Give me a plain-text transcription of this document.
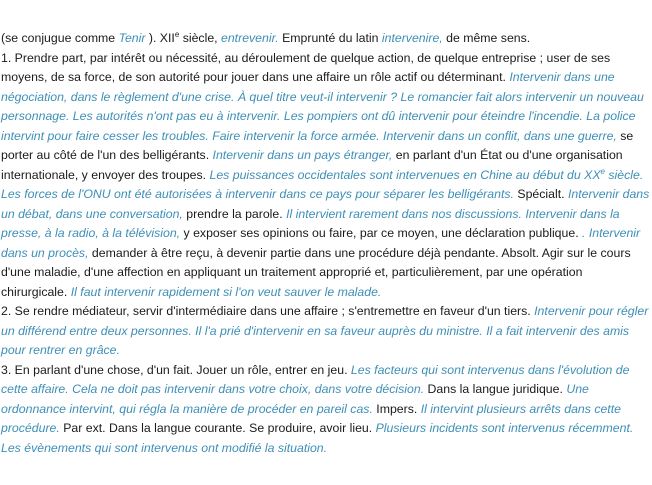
(se conjugue comme Tenir ). XIIe siècle, entrevenir. Emprunté du latin intervenire, de même sens.

1. Prendre part, par intérêt ou nécessité, au déroulement de quelque action, de quelque entreprise ; user de ses moyens, de sa force, de son autorité pour jouer dans une affaire un rôle actif ou déterminant. Intervenir dans une négociation, dans le règlement d'une crise. À quel titre veut-il intervenir ? Le romancier fait alors intervenir un nouveau personnage. Les autorités n'ont pas eu à intervenir. Les pompiers ont dû intervenir pour éteindre l'incendie. La police intervint pour faire cesser les troubles. Faire intervenir la force armée. Intervenir dans un conflit, dans une guerre, se porter au côté de l'un des belligérants. Intervenir dans un pays étranger, en parlant d'un État ou d'une organisation internationale, y envoyer des troupes. Les puissances occidentales sont intervenues en Chine au début du XXe siècle. Les forces de l'ONU ont été autorisées à intervenir dans ce pays pour séparer les belligérants. Spécialt. Intervenir dans un débat, dans une conversation, prendre la parole. Il intervient rarement dans nos discussions. Intervenir dans la presse, à la radio, à la télévision, y exposer ses opinions ou faire, par ce moyen, une déclaration publique. . Intervenir dans un procès, demander à être reçu, à devenir partie dans une procédure déjà pendante. Absolt. Agir sur le cours d'une maladie, d'une affection en appliquant un traitement approprié et, particulièrement, par une opération chirurgicale. Il faut intervenir rapidement si l'on veut sauver le malade.

2. Se rendre médiateur, servir d'intermédiaire dans une affaire ; s'entremettre en faveur d'un tiers. Intervenir pour régler un différend entre deux personnes. Il l'a prié d'intervenir en sa faveur auprès du ministre. Il a fait intervenir des amis pour rentrer en grâce.

3. En parlant d'une chose, d'un fait. Jouer un rôle, entrer en jeu. Les facteurs qui sont intervenus dans l'évolution de cette affaire. Cela ne doit pas intervenir dans votre choix, dans votre décision. Dans la langue juridique. Une ordonnance intervint, qui régla la manière de procéder en pareil cas. Impers. Il intervint plusieurs arrêts dans cette procédure. Par ext. Dans la langue courante. Se produire, avoir lieu. Plusieurs incidents sont intervenus récemment. Les évènements qui sont intervenus ont modifié la situation.
